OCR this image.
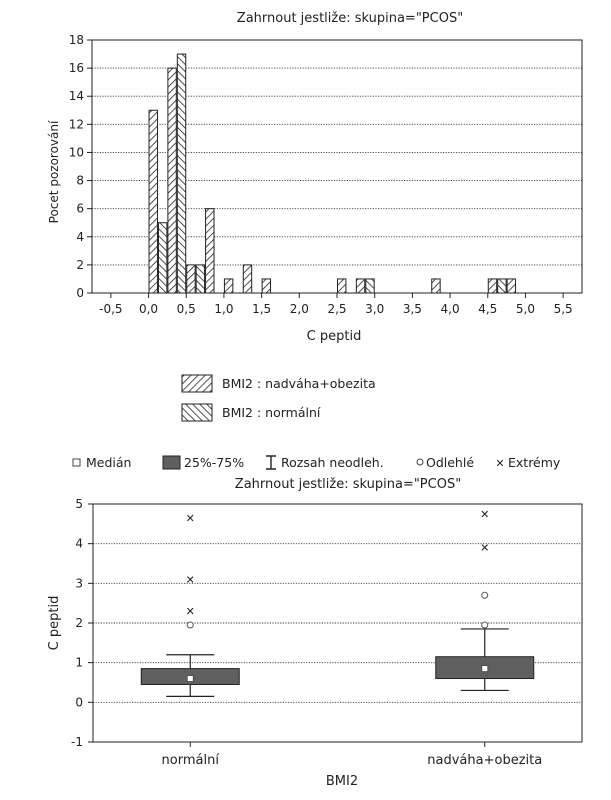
Zahrnout jestliže: skupina="PCOS"
0
2
4
6
8
10
12
14
16
18
-0,5 0,0 0,5 1,0 1,5 2,0 2,5 3,0 3,5 4,0 4,5 5,0 5,5
C peptid
Pocet pozorování
BMI2 : nadváha+obezita
BMI2 : normální
Medián	25%-75%	Rozsah neodleh.	Odlehlé ✕ Extrémy
Zahrnout jestliže: skupina="PCOS"
-1
0
1
2
3
4
5
normální	nadváha+obezita
✕
✕
✕
✕
✕
BMI2
C peptid
